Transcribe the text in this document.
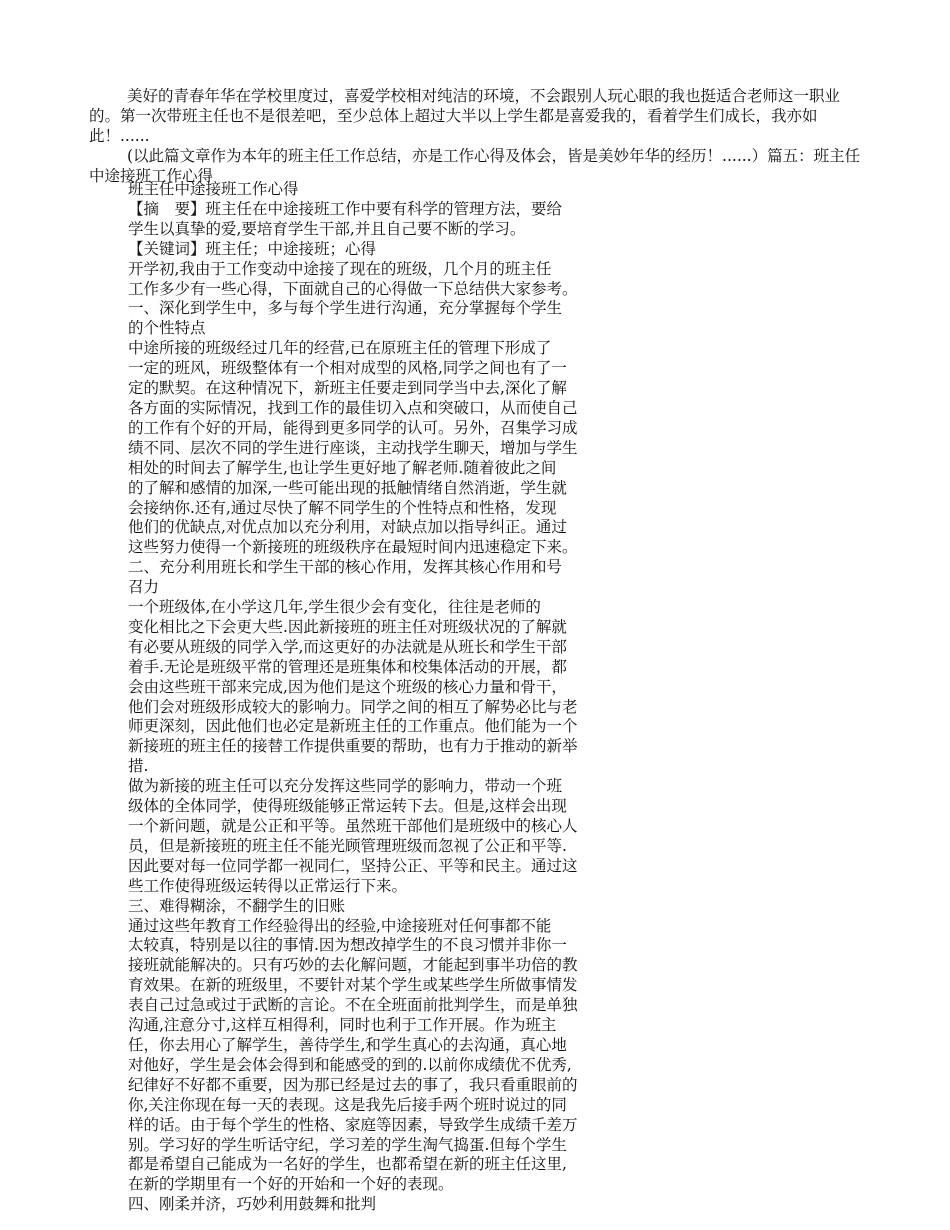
美好的青春年华在学校里度过，喜爱学校相对纯洁的环境，不会跟别人玩心眼的我也挺适合老师这一职业的。第一次带班主任也不是很差吧，至少总体上超过大半以上学生都是喜爱我的，看着学生们成长，我亦如此！......

(以此篇文章作为本年的班主任工作总结，亦是工作心得及体会，皆是美妙年华的经历！......）篇五：班主任中途接班工作心得

班主任中途接班工作心得
【摘　要】班主任在中途接班工作中要有科学的管理方法，要给
学生以真挚的爱,要培育学生干部,并且自己要不断的学习。
【关键词】班主任；中途接班；心得
开学初,我由于工作变动中途接了现在的班级，几个月的班主任
工作多少有一些心得，下面就自己的心得做一下总结供大家参考。
一、深化到学生中，多与每个学生进行沟通，充分掌握每个学生
的个性特点
中途所接的班级经过几年的经营,已在原班主任的管理下形成了
一定的班风，班级整体有一个相对成型的风格,同学之间也有了一
定的默契。在这种情况下，新班主任要走到同学当中去,深化了解
各方面的实际情况，找到工作的最佳切入点和突破口，从而使自己
的工作有个好的开局，能得到更多同学的认可。另外，召集学习成
绩不同、层次不同的学生进行座谈，主动找学生聊天，增加与学生
相处的时间去了解学生,也让学生更好地了解老师.随着彼此之间
的了解和感情的加深,一些可能出现的抵触情绪自然消逝，学生就
会接纳你.还有,通过尽快了解不同学生的个性特点和性格，发现
他们的优缺点,对优点加以充分利用，对缺点加以指导纠正。通过
这些努力使得一个新接班的班级秩序在最短时间内迅速稳定下来。
二、充分利用班长和学生干部的核心作用，发挥其核心作用和号
召力
一个班级体,在小学这几年,学生很少会有变化，往往是老师的
变化相比之下会更大些.因此新接班的班主任对班级状况的了解就
有必要从班级的同学入学,而这更好的办法就是从班长和学生干部
着手.无论是班级平常的管理还是班集体和校集体活动的开展，都
会由这些班干部来完成,因为他们是这个班级的核心力量和骨干，
他们会对班级形成较大的影响力。同学之间的相互了解势必比与老
师更深刻，因此他们也必定是新班主任的工作重点。他们能为一个
新接班的班主任的接替工作提供重要的帮助，也有力于推动的新举
措.
做为新接的班主任可以充分发挥这些同学的影响力，带动一个班
级体的全体同学，使得班级能够正常运转下去。但是,这样会出现
一个新问题，就是公正和平等。虽然班干部他们是班级中的核心人
员，但是新接班的班主任不能光顾管理班级而忽视了公正和平等.
因此要对每一位同学都一视同仁，坚持公正、平等和民主。通过这
些工作使得班级运转得以正常运行下来。
三、难得糊涂，不翻学生的旧账
通过这些年教育工作经验得出的经验,中途接班对任何事都不能
太较真，特别是以往的事情.因为想改掉学生的不良习惯并非你一
接班就能解决的。只有巧妙的去化解问题，才能起到事半功倍的教
育效果。在新的班级里，不要针对某个学生或某些学生所做事情发
表自己过急或过于武断的言论。不在全班面前批判学生，而是单独
沟通,注意分寸,这样互相得利，同时也利于工作开展。作为班主
任，你去用心了解学生，善待学生,和学生真心的去沟通，真心地
对他好，学生是会体会得到和能感受的到的.以前你成绩优不优秀,
纪律好不好都不重要，因为那已经是过去的事了，我只看重眼前的
你,关注你现在每一天的表现。这是我先后接手两个班时说过的同
样的话。由于每个学生的性格、家庭等因素，导致学生成绩千差万
别。学习好的学生听话守纪，学习差的学生淘气捣蛋.但每个学生
都是希望自己能成为一名好的学生，也都希望在新的班主任这里,
在新的学期里有一个好的开始和一个好的表现。
四、刚柔并济，巧妙利用鼓舞和批判
